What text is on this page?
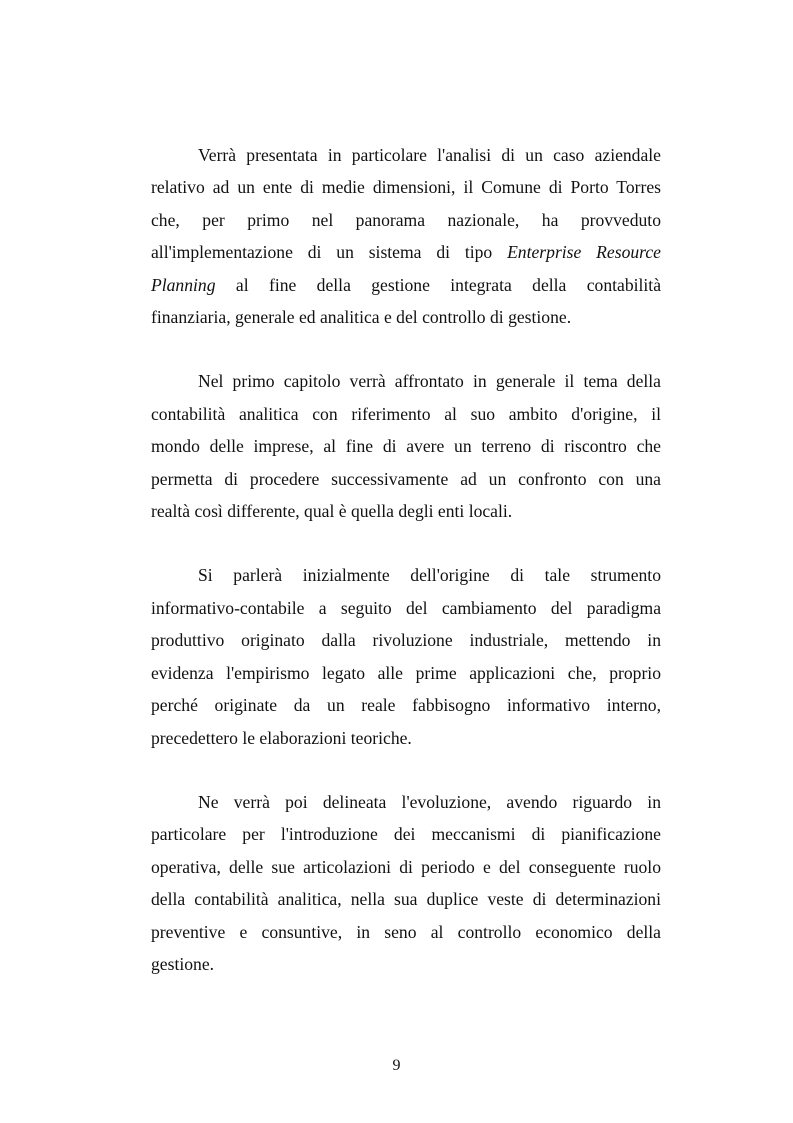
Verrà presentata in particolare l'analisi di un caso aziendale
relativo ad un ente di medie dimensioni, il Comune di Porto Torres
che, per primo nel panorama nazionale, ha provveduto
all'implementazione di un sistema di tipo Enterprise Resource
Planning al fine della gestione integrata della contabilità
finanziaria, generale ed analitica e del controllo di gestione.

Nel primo capitolo verrà affrontato in generale il tema della
contabilità analitica con riferimento al suo ambito d'origine, il
mondo delle imprese, al fine di avere un terreno di riscontro che
permetta di procedere successivamente ad un confronto con una
realtà così differente, qual è quella degli enti locali.

Si parlerà inizialmente dell'origine di tale strumento
informativo-contabile a seguito del cambiamento del paradigma
produttivo originato dalla rivoluzione industriale, mettendo in
evidenza l'empirismo legato alle prime applicazioni che, proprio
perché originate da un reale fabbisogno informativo interno,
precedettero le elaborazioni teoriche.

Ne verrà poi delineata l'evoluzione, avendo riguardo in
particolare per l'introduzione dei meccanismi di pianificazione
operativa, delle sue articolazioni di periodo e del conseguente ruolo
della contabilità analitica, nella sua duplice veste di determinazioni
preventive e consuntive, in seno al controllo economico della
gestione.

9
